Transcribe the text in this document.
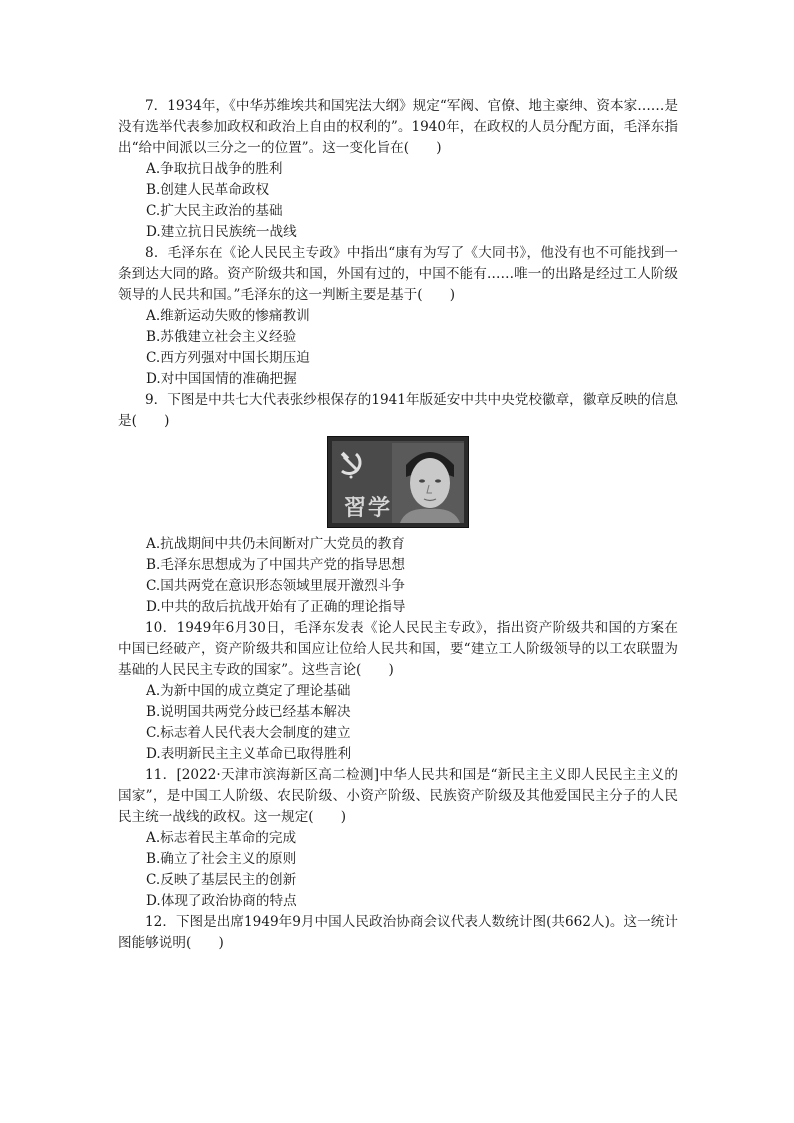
7．1934年，《中华苏维埃共和国宪法大纲》规定“军阀、官僚、地主豪绅、资本家……是没有选举代表参加政权和政治上自由的权利的”。1940年，在政权的人员分配方面，毛泽东指出“给中间派以三分之一的位置”。这一变化旨在(　　)

A.争取抗日战争的胜利
B.创建人民革命政权
C.扩大民主政治的基础
D.建立抗日民族统一战线

8．毛泽东在《论人民民主专政》中指出“康有为写了《大同书》，他没有也不可能找到一条到达大同的路。资产阶级共和国，外国有过的，中国不能有……唯一的出路是经过工人阶级领导的人民共和国。”毛泽东的这一判断主要是基于(　　)

A.维新运动失败的惨痛教训
B.苏俄建立社会主义经验
C.西方列强对中国长期压迫
D.对中国国情的准确把握

9．下图是中共七大代表张纱根保存的1941年版延安中共中央党校徽章，徽章反映的信息是(　　)

習学
A.抗战期间中共仍未间断对广大党员的教育
B.毛泽东思想成为了中国共产党的指导思想
C.国共两党在意识形态领域里展开激烈斗争
D.中共的敌后抗战开始有了正确的理论指导

10．1949年6月30日，毛泽东发表《论人民民主专政》，指出资产阶级共和国的方案在中国已经破产，资产阶级共和国应让位给人民共和国，要“建立工人阶级领导的以工农联盟为基础的人民民主专政的国家”。这些言论(　　)

A.为新中国的成立奠定了理论基础
B.说明国共两党分歧已经基本解决
C.标志着人民代表大会制度的建立
D.表明新民主主义革命已取得胜利

11．[2022·天津市滨海新区高二检测]中华人民共和国是“新民主主义即人民民主主义的国家”，是中国工人阶级、农民阶级、小资产阶级、民族资产阶级及其他爱国民主分子的人民民主统一战线的政权。这一规定(　　)

A.标志着民主革命的完成
B.确立了社会主义的原则
C.反映了基层民主的创新
D.体现了政治协商的特点

12．下图是出席1949年9月中国人民政治协商会议代表人数统计图(共662人)。这一统计图能够说明(　　)
